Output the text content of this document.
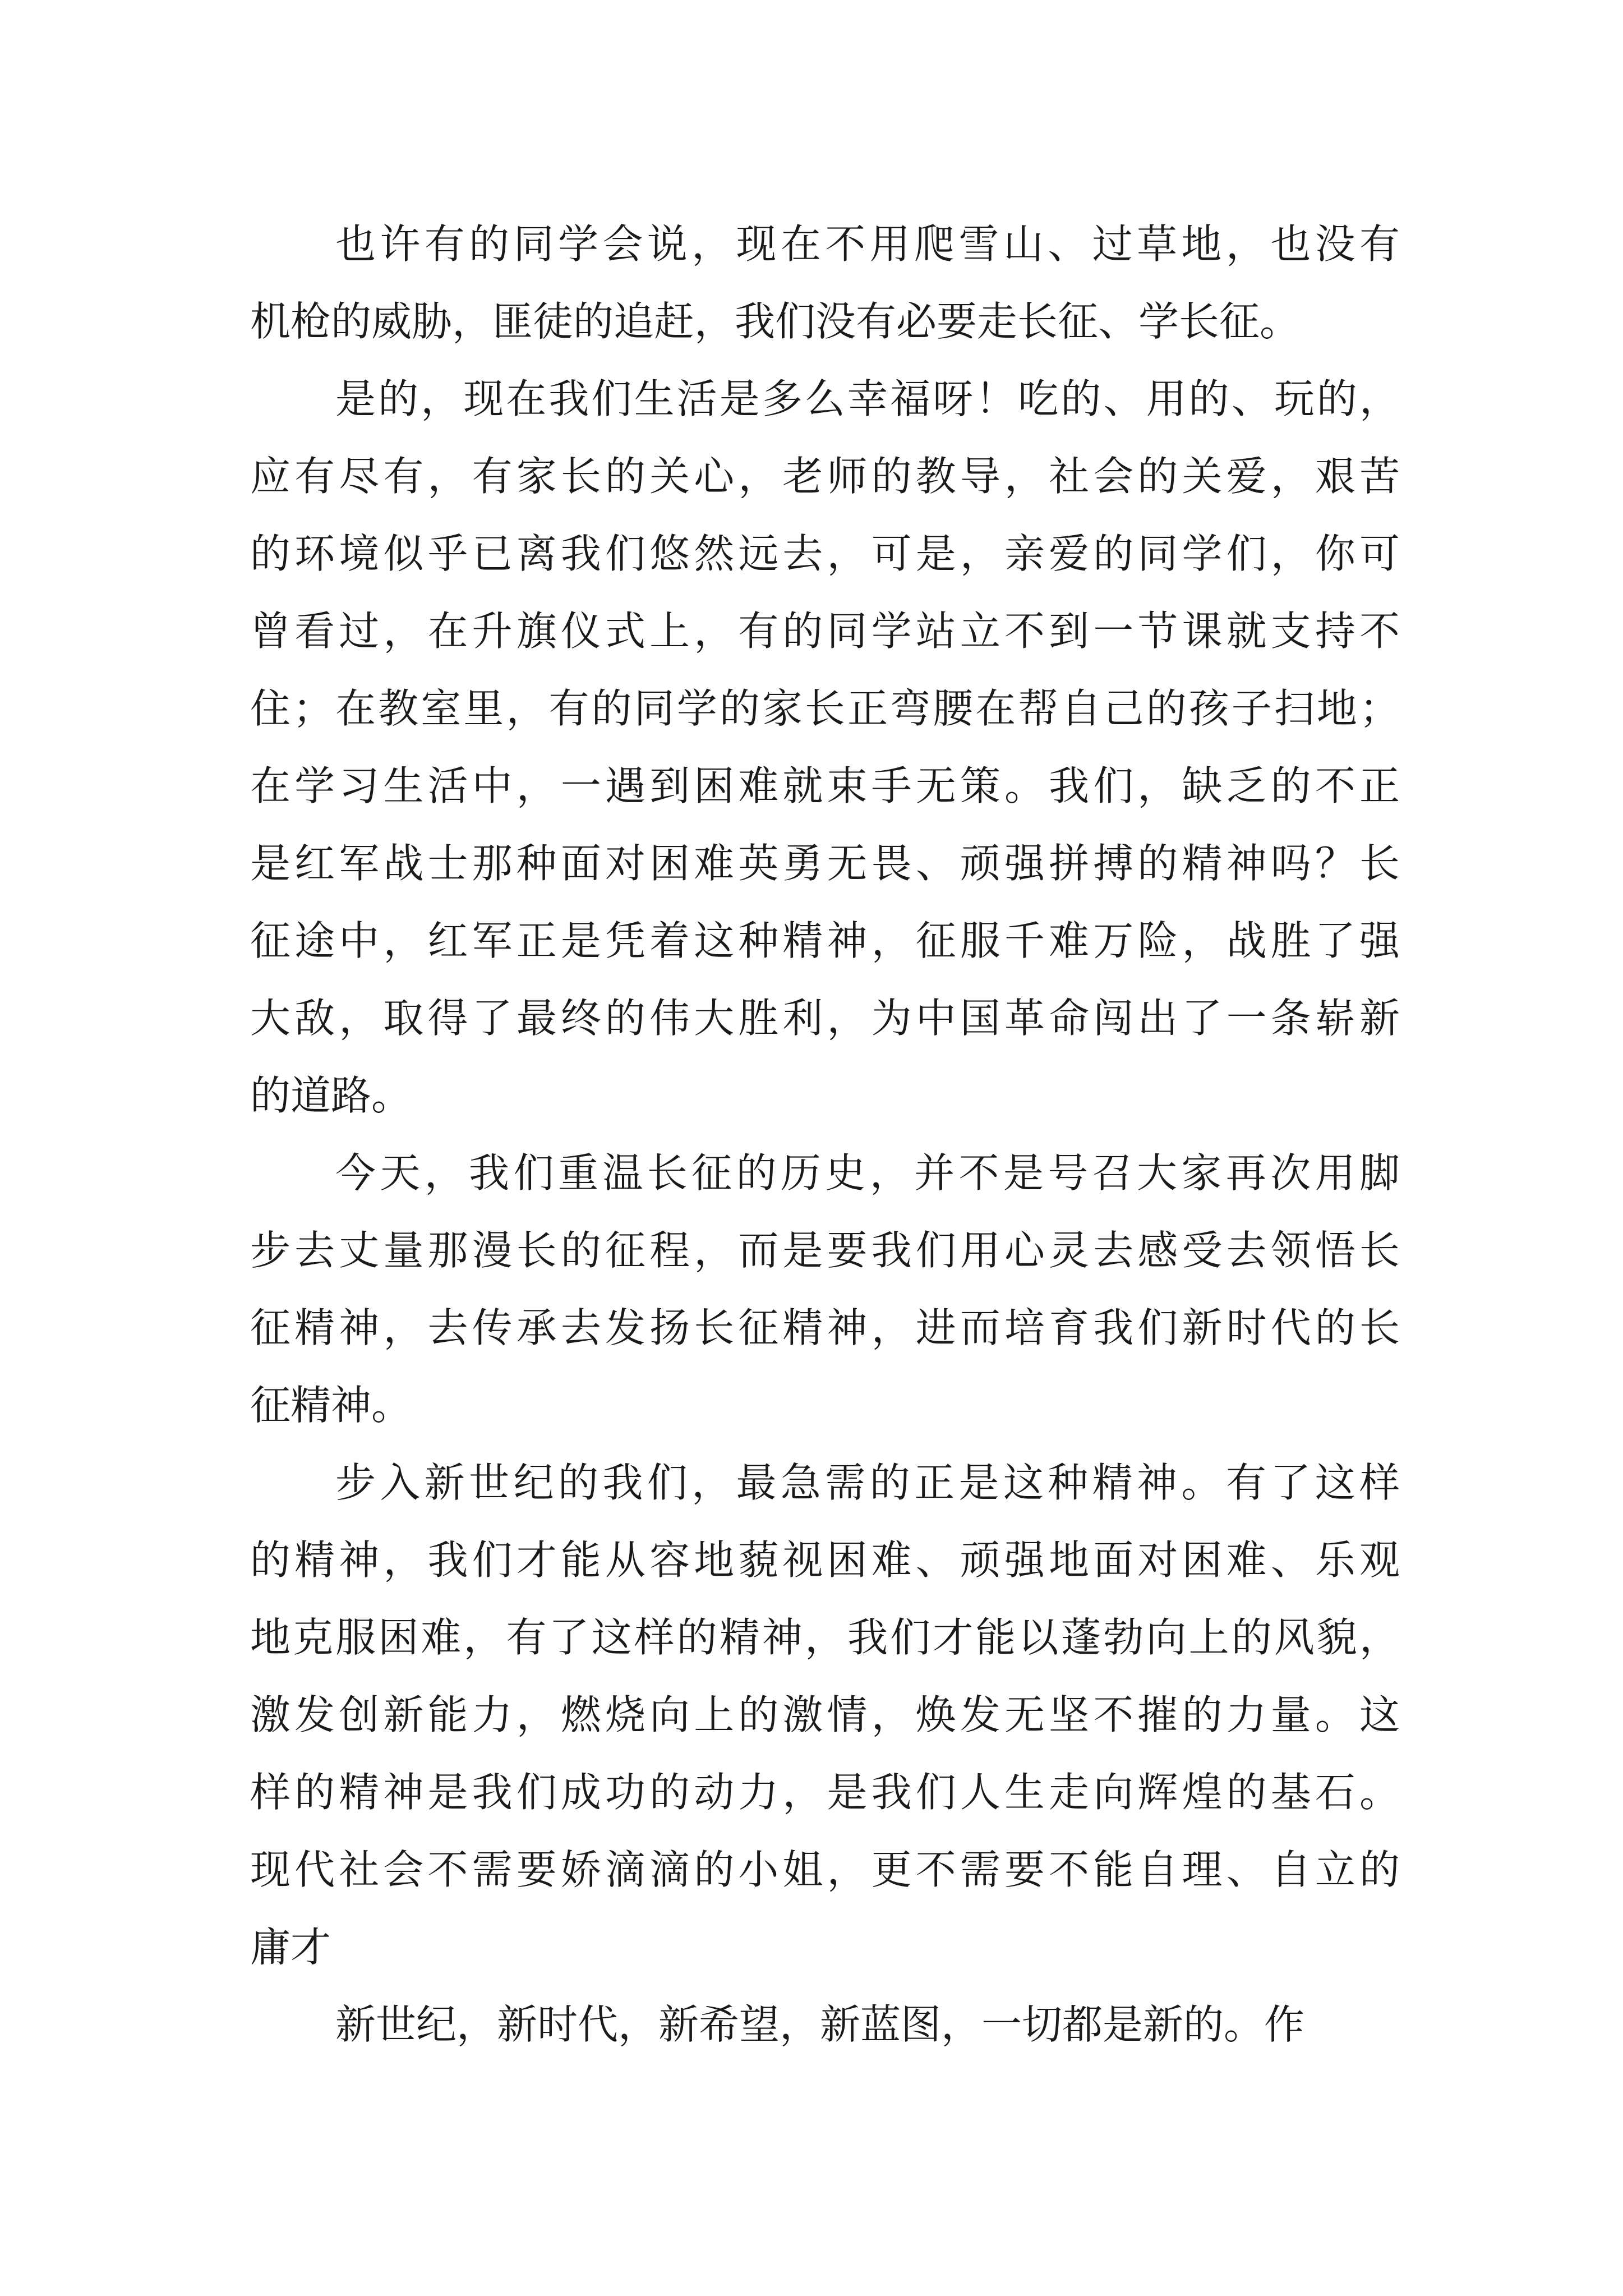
也许有的同学会说，现在不用爬雪山、过草地，也没有
机枪的威胁，匪徒的追赶，我们没有必要走长征、学长征。
是的，现在我们生活是多么幸福呀！吃的、用的、玩的，
应有尽有，有家长的关心，老师的教导，社会的关爱，艰苦
的环境似乎已离我们悠然远去，可是，亲爱的同学们，你可
曾看过，在升旗仪式上，有的同学站立不到一节课就支持不
住；在教室里，有的同学的家长正弯腰在帮自己的孩子扫地；
在学习生活中，一遇到困难就束手无策。我们，缺乏的不正
是红军战士那种面对困难英勇无畏、顽强拼搏的精神吗？长
征途中，红军正是凭着这种精神，征服千难万险，战胜了强
大敌，取得了最终的伟大胜利，为中国革命闯出了一条崭新
的道路。
今天，我们重温长征的历史，并不是号召大家再次用脚
步去丈量那漫长的征程，而是要我们用心灵去感受去领悟长
征精神，去传承去发扬长征精神，进而培育我们新时代的长
征精神。
步入新世纪的我们，最急需的正是这种精神。有了这样
的精神，我们才能从容地藐视困难、顽强地面对困难、乐观
地克服困难，有了这样的精神，我们才能以蓬勃向上的风貌，
激发创新能力，燃烧向上的激情，焕发无坚不摧的力量。这
样的精神是我们成功的动力，是我们人生走向辉煌的基石。
现代社会不需要娇滴滴的小姐，更不需要不能自理、自立的
庸才
新世纪，新时代，新希望，新蓝图，一切都是新的。作
